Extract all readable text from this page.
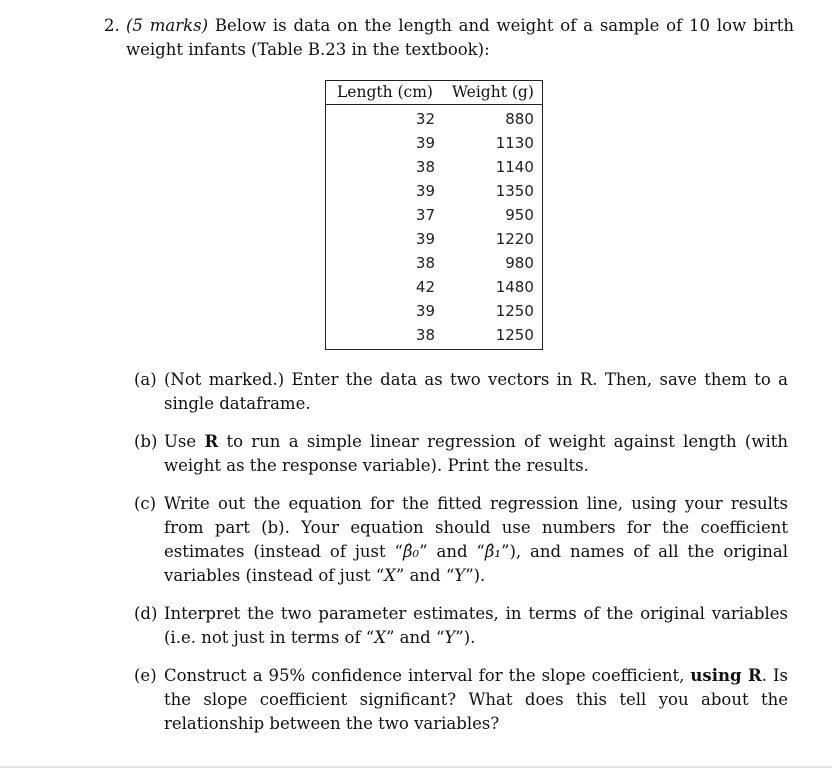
2. (5 marks) Below is data on the length and weight of a sample of 10 low birth weight infants (Table B.23 in the textbook):
Length (cm)	Weight (g)
32	880
39	1130
38	1140
39	1350
37	950
39	1220
38	980
42	1480
39	1250
38	1250
(a) (Not marked.) Enter the data as two vectors in R. Then, save them to a single dataframe.
(b) Use R to run a simple linear regression of weight against length (with weight as the response variable). Print the results.
(c) Write out the equation for the fitted regression line, using your results from part (b). Your equation should use numbers for the coefficient estimates (instead of just “β̂₀” and “β̂₁”), and names of all the original variables (instead of just “X” and “Y”).
(d) Interpret the two parameter estimates, in terms of the original variables (i.e. not just in terms of “X” and “Y”).
(e) Construct a 95% confidence interval for the slope coefficient, using R. Is the slope coefficient significant? What does this tell you about the relationship between the two variables?
